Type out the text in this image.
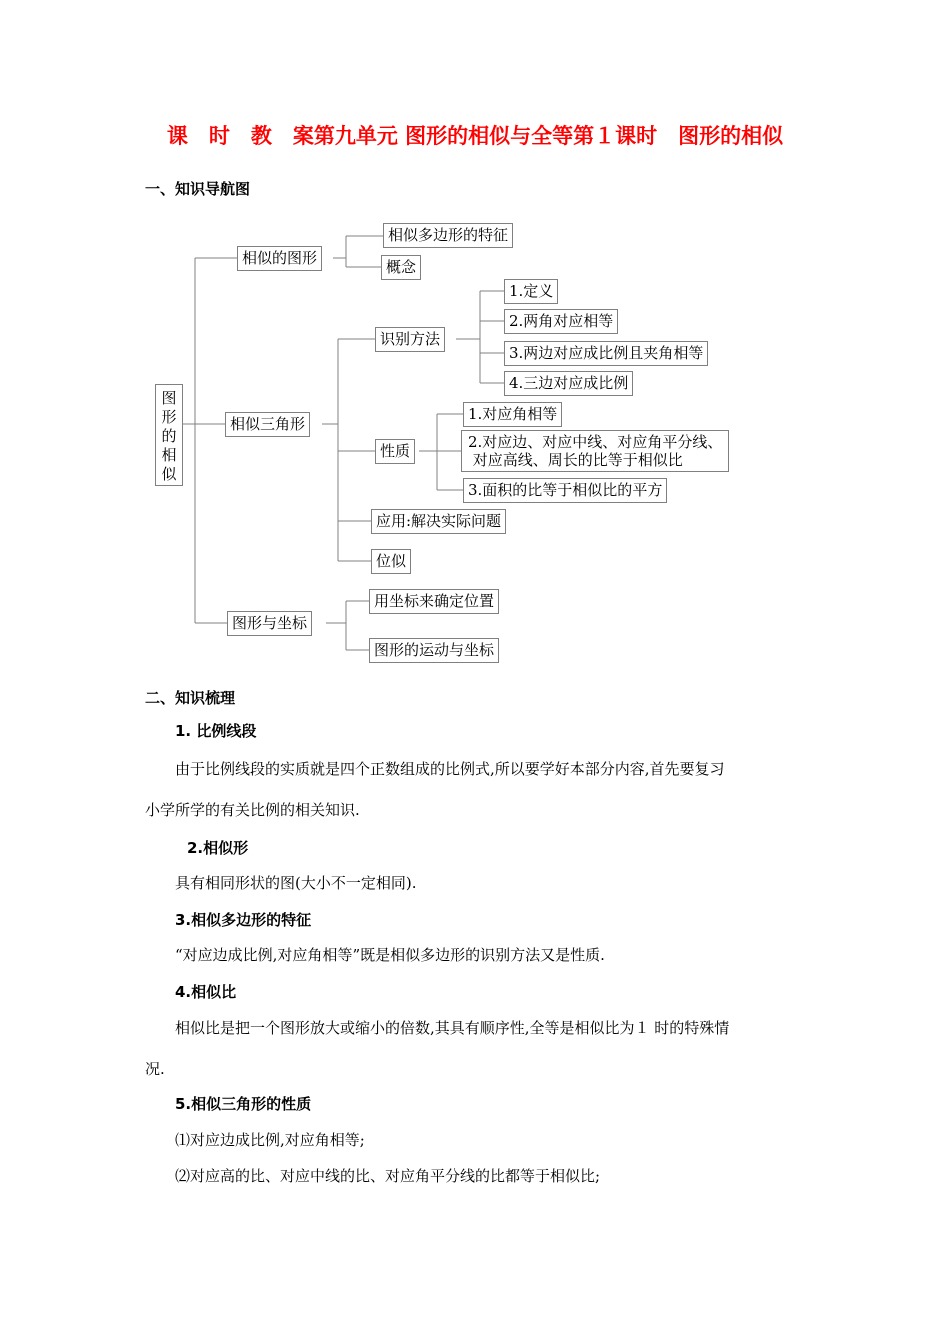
课　时　教　案第九单元 图形的相似与全等第１课时　图形的相似
一、知识导航图
图
形
的
相
似
相似的图形
相似多边形的特征
概念
相似三角形
识别方法
1.定义
2.两角对应相等
3.两边对应成比例且夹角相等
4.三边对应成比例
性质
1.对应角相等
2.对应边、对应中线、对应角平分线、
对应高线、周长的比等于相似比
3.面积的比等于相似比的平方
应用:解决实际问题
位似
图形与坐标
用坐标来确定位置
图形的运动与坐标
二、知识梳理
1. 比例线段
由于比例线段的实质就是四个正数组成的比例式,所以要学好本部分内容,首先要复习
小学所学的有关比例的相关知识.
2.相似形
具有相同形状的图(大小不一定相同).
3.相似多边形的特征
“对应边成比例,对应角相等”既是相似多边形的识别方法又是性质.
4.相似比
相似比是把一个图形放大或缩小的倍数,其具有顺序性,全等是相似比为１ 时的特殊情
况.
5.相似三角形的性质
⑴对应边成比例,对应角相等;
⑵对应高的比、对应中线的比、对应角平分线的比都等于相似比;
